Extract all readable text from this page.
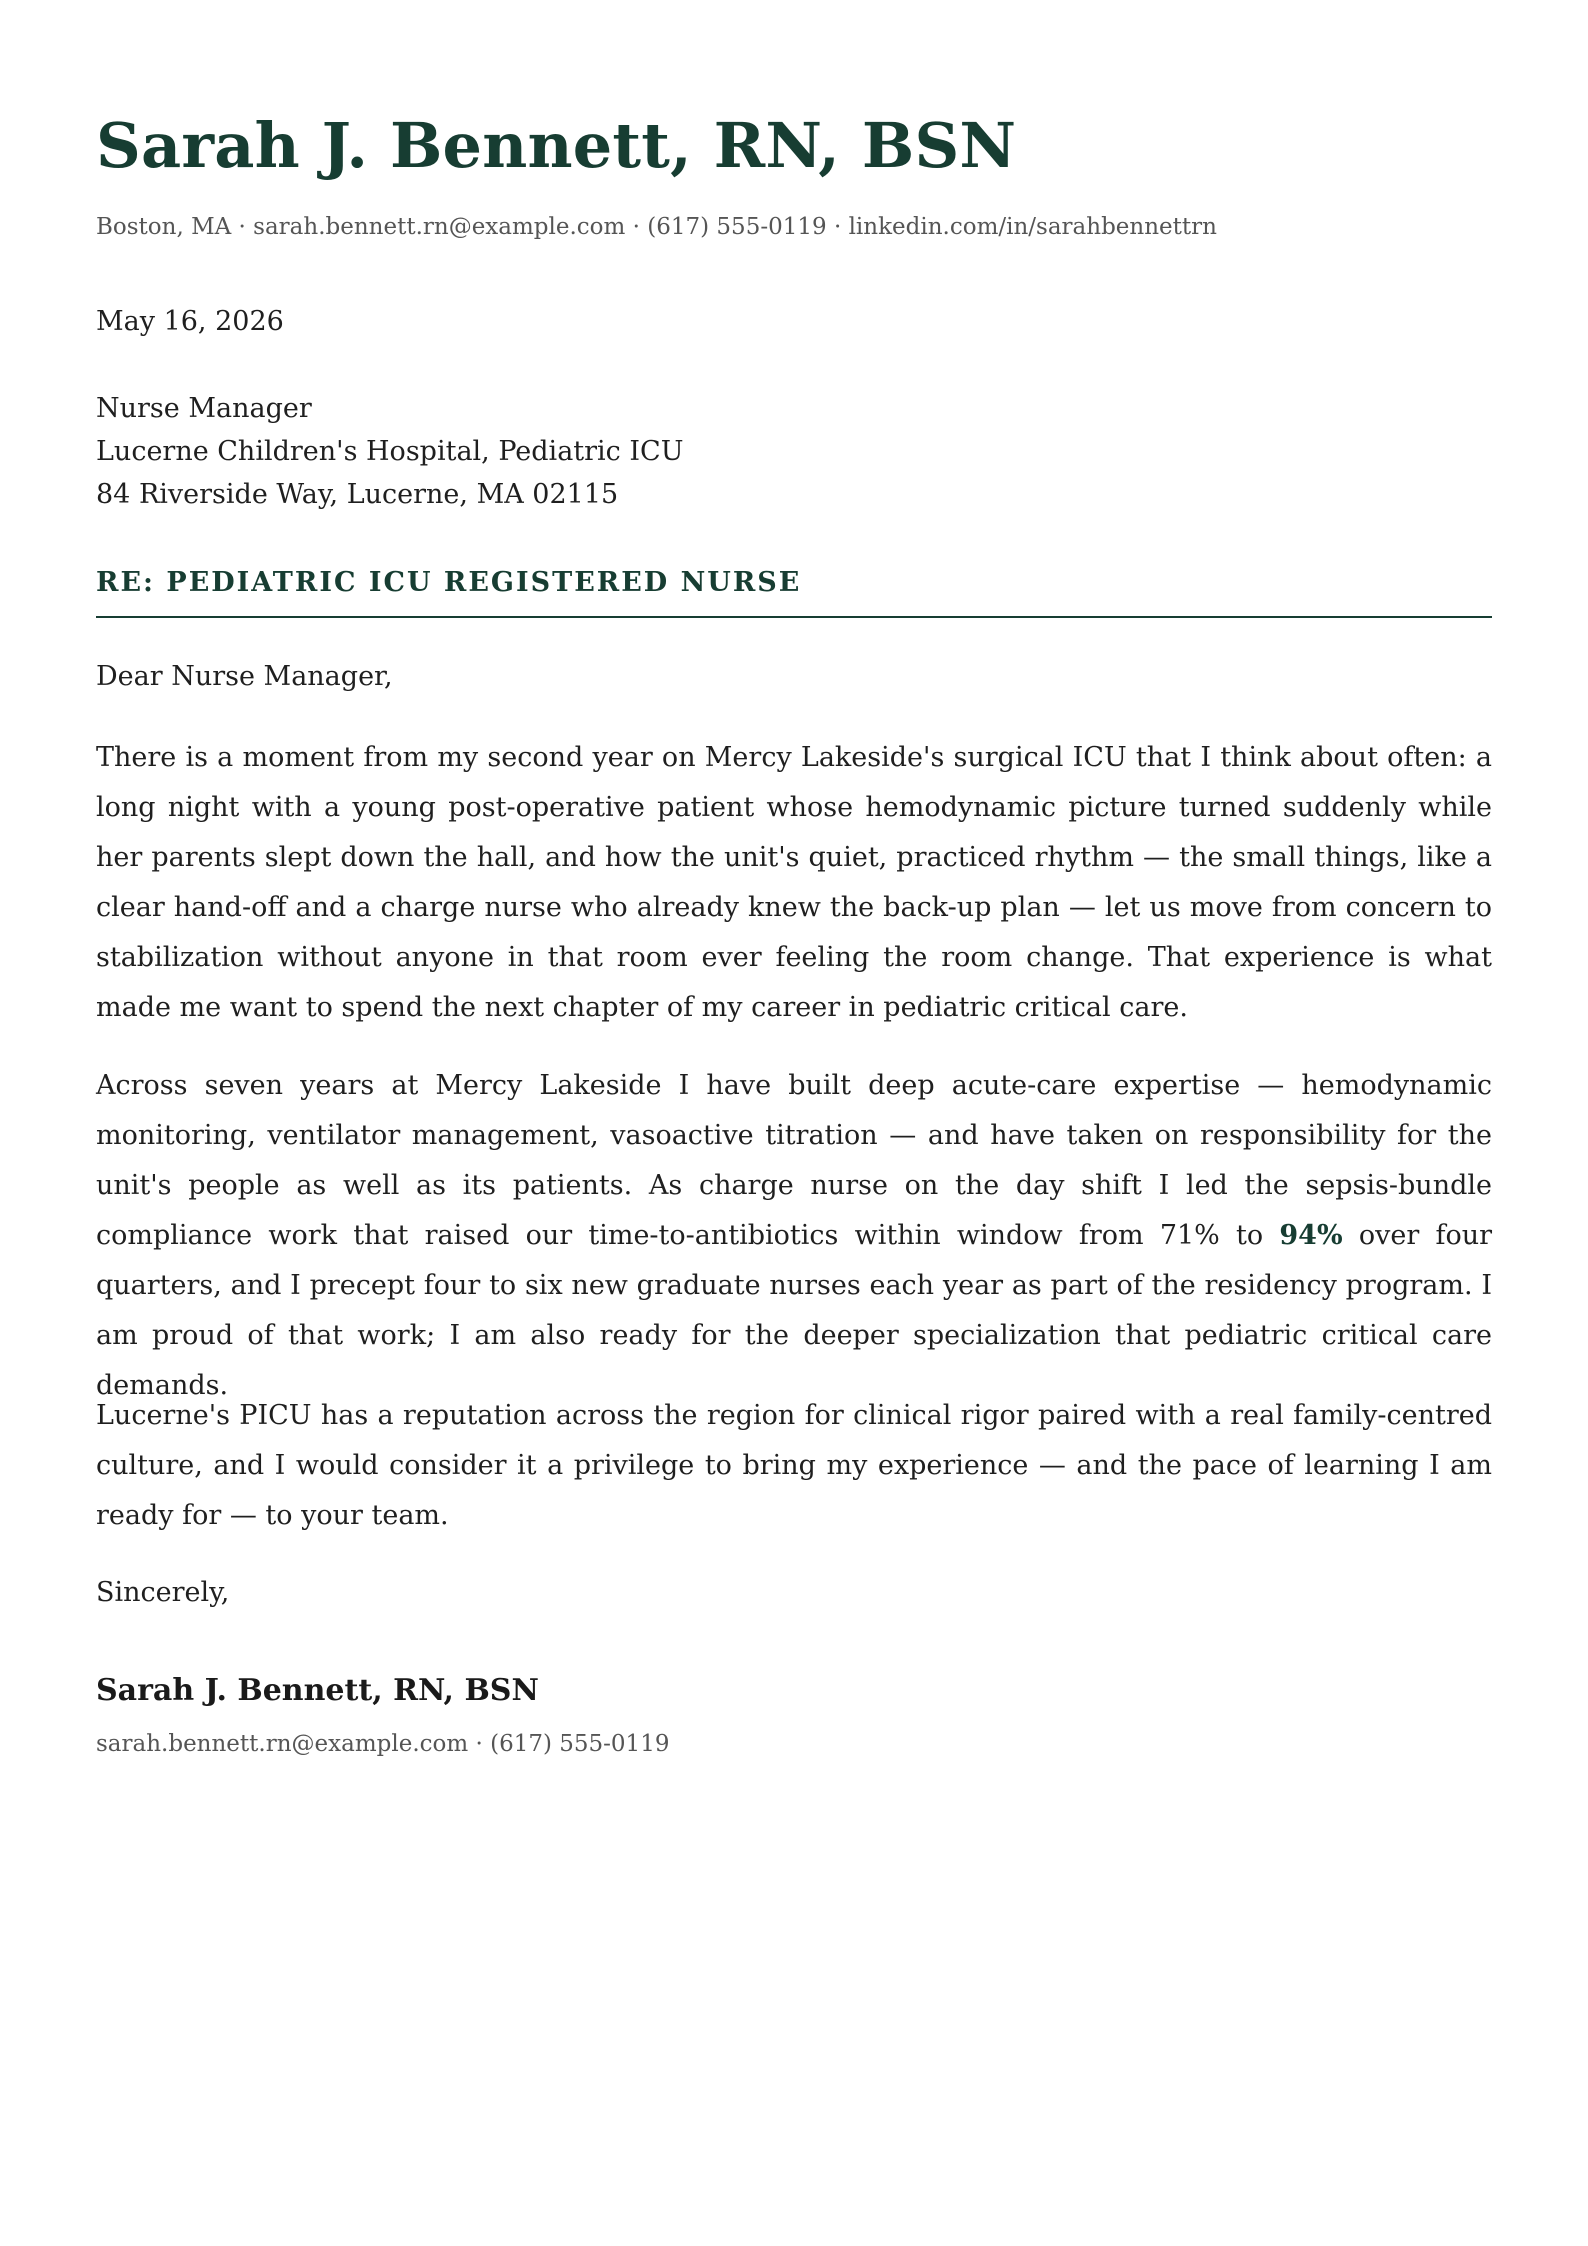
Sarah J. Bennett, RN, BSN
Boston, MA · sarah.bennett.rn@example.com · (617) 555-0119 · linkedin.com/in/sarahbennettrn
May 16, 2026
Nurse Manager
Lucerne Children's Hospital, Pediatric ICU
84 Riverside Way, Lucerne, MA 02115
RE: PEDIATRIC ICU REGISTERED NURSE
Dear Nurse Manager,

There is a moment from my second year on Mercy Lakeside's surgical ICU that I think about often: a long night with a young post-operative patient whose hemodynamic picture turned suddenly while her parents slept down the hall, and how the unit's quiet, practiced rhythm — the small things, like a clear hand-off and a charge nurse who already knew the back-up plan — let us move from concern to stabilization without anyone in that room ever feeling the room change. That experience is what made me want to spend the next chapter of my career in pediatric critical care.

Across seven years at Mercy Lakeside I have built deep acute-care expertise — hemodynamic monitoring, ventilator management, vasoactive titration — and have taken on responsibility for the unit's people as well as its patients. As charge nurse on the day shift I led the sepsis-bundle compliance work that raised our time-to-antibiotics within window from 71% to 94% over four quarters, and I precept four to six new graduate nurses each year as part of the residency program. I am proud of that work; I am also ready for the deeper specialization that pediatric critical care demands.

Lucerne's PICU has a reputation across the region for clinical rigor paired with a real family-centred culture, and I would consider it a privilege to bring my experience — and the pace of learning I am ready for — to your team.

Sincerely,
Sarah J. Bennett, RN, BSN
sarah.bennett.rn@example.com · (617) 555-0119
